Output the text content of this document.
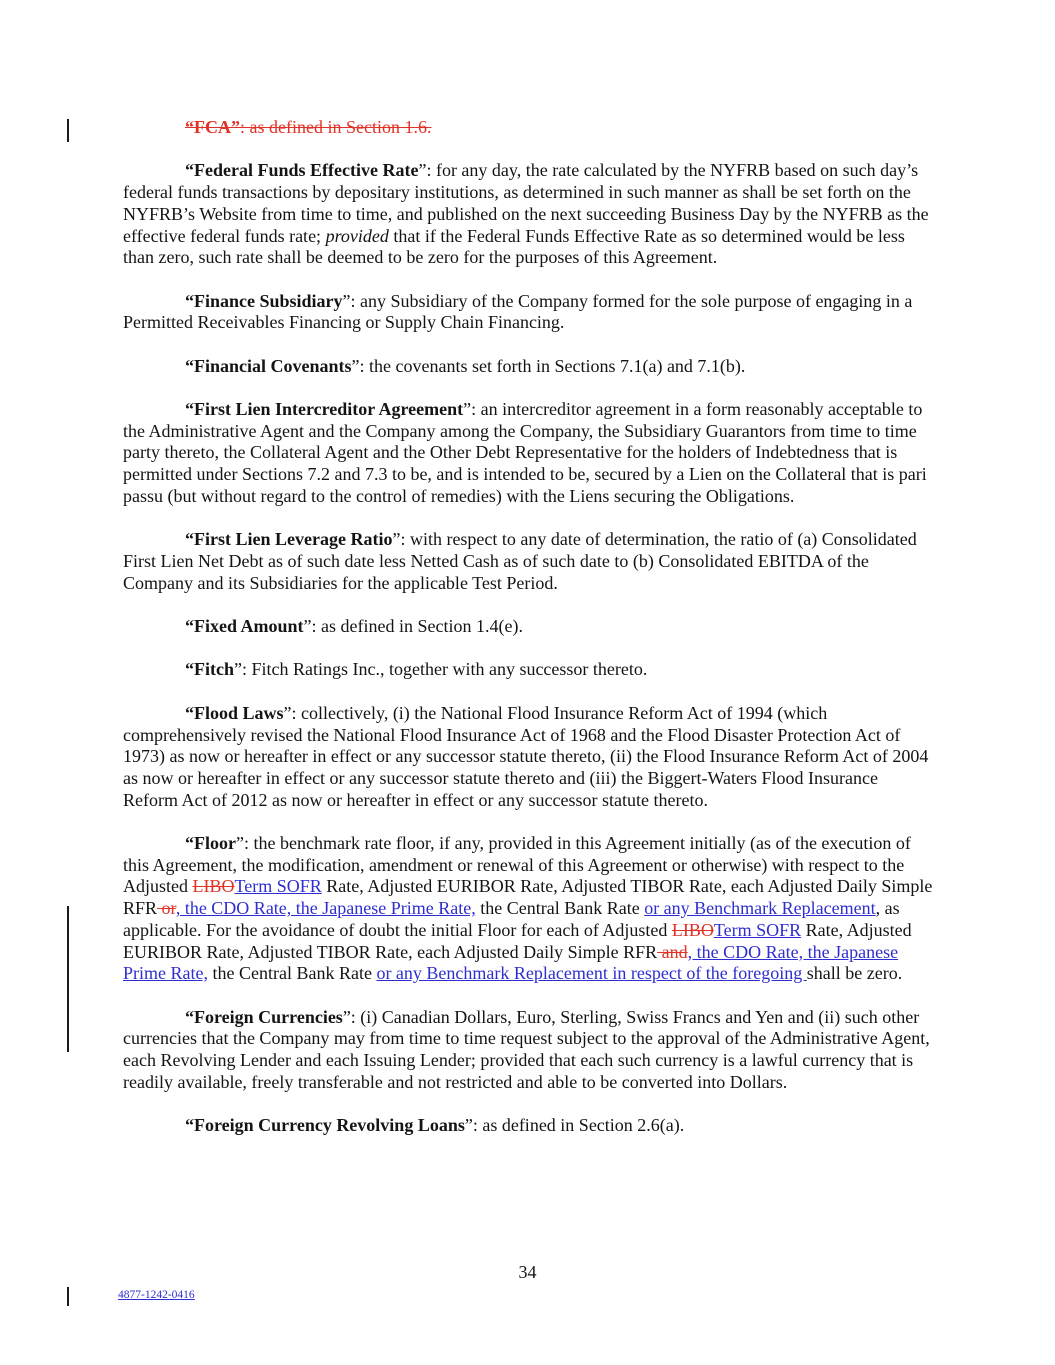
“FCA”: as defined in Section 1.6.

“Federal Funds Effective Rate”: for any day, the rate calculated by the NYFRB based on such day’s federal funds transactions by depositary institutions, as determined in such manner as shall be set forth on the NYFRB’s Website from time to time, and published on the next succeeding Business Day by the NYFRB as the effective federal funds rate; provided that if the Federal Funds Effective Rate as so determined would be less than zero, such rate shall be deemed to be zero for the purposes of this Agreement.

“Finance Subsidiary”: any Subsidiary of the Company formed for the sole purpose of engaging in a Permitted Receivables Financing or Supply Chain Financing.

“Financial Covenants”: the covenants set forth in Sections 7.1(a) and 7.1(b).

“First Lien Intercreditor Agreement”: an intercreditor agreement in a form reasonably acceptable to the Administrative Agent and the Company among the Company, the Subsidiary Guarantors from time to time party thereto, the Collateral Agent and the Other Debt Representative for the holders of Indebtedness that is permitted under Sections 7.2 and 7.3 to be, and is intended to be, secured by a Lien on the Collateral that is pari passu (but without regard to the control of remedies) with the Liens securing the Obligations.

“First Lien Leverage Ratio”: with respect to any date of determination, the ratio of (a) Consolidated First Lien Net Debt as of such date less Netted Cash as of such date to (b) Consolidated EBITDA of the Company and its Subsidiaries for the applicable Test Period.

“Fixed Amount”: as defined in Section 1.4(e).

“Fitch”: Fitch Ratings Inc., together with any successor thereto.

“Flood Laws”: collectively, (i) the National Flood Insurance Reform Act of 1994 (which comprehensively revised the National Flood Insurance Act of 1968 and the Flood Disaster Protection Act of 1973) as now or hereafter in effect or any successor statute thereto, (ii) the Flood Insurance Reform Act of 2004 as now or hereafter in effect or any successor statute thereto and (iii) the Biggert-Waters Flood Insurance Reform Act of 2012 as now or hereafter in effect or any successor statute thereto.

“Floor”: the benchmark rate floor, if any, provided in this Agreement initially (as of the execution of this Agreement, the modification, amendment or renewal of this Agreement or otherwise) with respect to the Adjusted LIBOTerm SOFR Rate, Adjusted EURIBOR Rate, Adjusted TIBOR Rate, each Adjusted Daily Simple RFR or, the CDO Rate, the Japanese Prime Rate, the Central Bank Rate or any Benchmark Replacement, as applicable. For the avoidance of doubt the initial Floor for each of Adjusted LIBOTerm SOFR Rate, Adjusted EURIBOR Rate, Adjusted TIBOR Rate, each Adjusted Daily Simple RFR and, the CDO Rate, the Japanese Prime Rate, the Central Bank Rate or any Benchmark Replacement in respect of the foregoing shall be zero.

“Foreign Currencies”: (i) Canadian Dollars, Euro, Sterling, Swiss Francs and Yen and (ii) such other currencies that the Company may from time to time request subject to the approval of the Administrative Agent, each Revolving Lender and each Issuing Lender; provided that each such currency is a lawful currency that is readily available, freely transferable and not restricted and able to be converted into Dollars.

“Foreign Currency Revolving Loans”: as defined in Section 2.6(a).

34
4877-1242-0416
